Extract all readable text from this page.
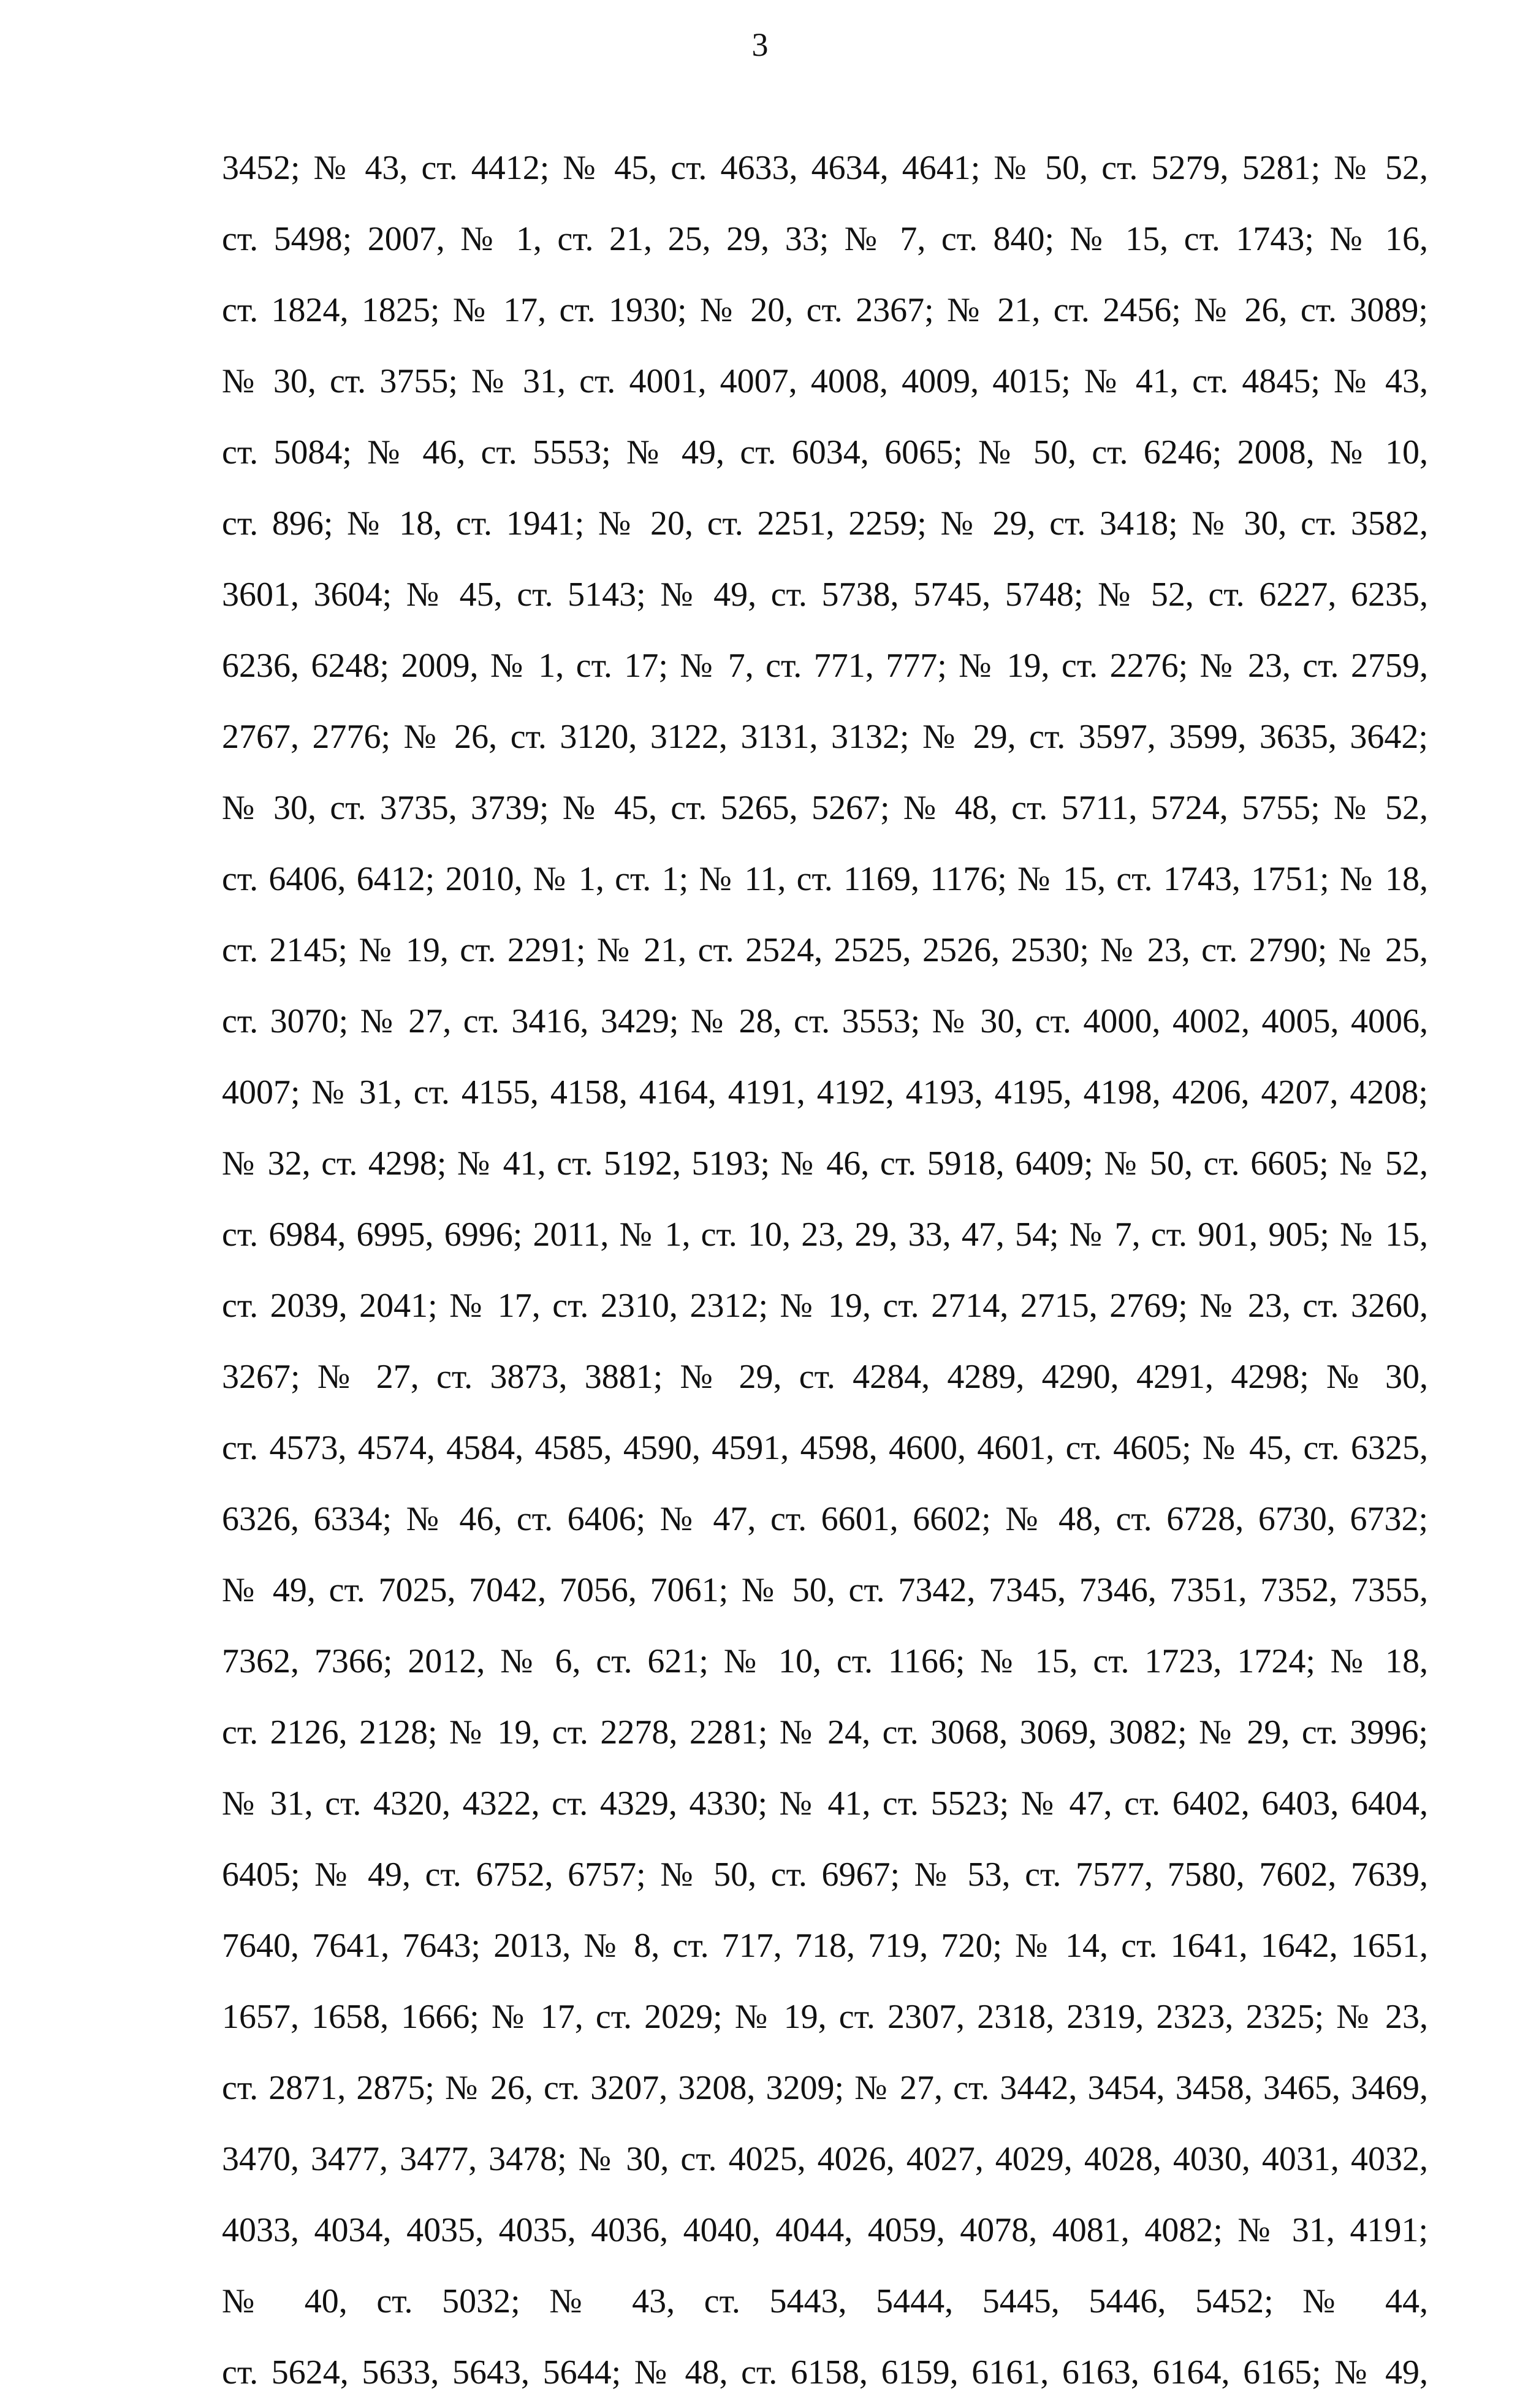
3
3452; № 43, ст. 4412; № 45, ст. 4633, 4634, 4641; № 50, ст. 5279, 5281; № 52,
ст. 5498; 2007, № 1, ст. 21, 25, 29, 33; № 7, ст. 840; № 15, ст. 1743; № 16,
ст. 1824, 1825; № 17, ст. 1930; № 20, ст. 2367; № 21, ст. 2456; № 26, ст. 3089;
№ 30, ст. 3755; № 31, ст. 4001, 4007, 4008, 4009, 4015; № 41, ст. 4845; № 43,
ст. 5084; № 46, ст. 5553; № 49, ст. 6034, 6065; № 50, ст. 6246; 2008, № 10,
ст. 896; № 18, ст. 1941; № 20, ст. 2251, 2259; № 29, ст. 3418; № 30, ст. 3582,
3601, 3604; № 45, ст. 5143; № 49, ст. 5738, 5745, 5748; № 52, ст. 6227, 6235,
6236, 6248; 2009, № 1, ст. 17; № 7, ст. 771, 777; № 19, ст. 2276; № 23, ст. 2759,
2767, 2776; № 26, ст. 3120, 3122, 3131, 3132; № 29, ст. 3597, 3599, 3635, 3642;
№ 30, ст. 3735, 3739; № 45, ст. 5265, 5267; № 48, ст. 5711, 5724, 5755; № 52,
ст. 6406, 6412; 2010, № 1, ст. 1; № 11, ст. 1169, 1176; № 15, ст. 1743, 1751; № 18,
ст. 2145; № 19, ст. 2291; № 21, ст. 2524, 2525, 2526, 2530; № 23, ст. 2790; № 25,
ст. 3070; № 27, ст. 3416, 3429; № 28, ст. 3553; № 30, ст. 4000, 4002, 4005, 4006,
4007; № 31, ст. 4155, 4158, 4164, 4191, 4192, 4193, 4195, 4198, 4206, 4207, 4208;
№ 32, ст. 4298; № 41, ст. 5192, 5193; № 46, ст. 5918, 6409; № 50, ст. 6605; № 52,
ст. 6984, 6995, 6996; 2011, № 1, ст. 10, 23, 29, 33, 47, 54; № 7, ст. 901, 905; № 15,
ст. 2039, 2041; № 17, ст. 2310, 2312; № 19, ст. 2714, 2715, 2769; № 23, ст. 3260,
3267; № 27, ст. 3873, 3881; № 29, ст. 4284, 4289, 4290, 4291, 4298; № 30,
ст. 4573, 4574, 4584, 4585, 4590, 4591, 4598, 4600, 4601, ст. 4605; № 45, ст. 6325,
6326, 6334; № 46, ст. 6406; № 47, ст. 6601, 6602; № 48, ст. 6728, 6730, 6732;
№ 49, ст. 7025, 7042, 7056, 7061; № 50, ст. 7342, 7345, 7346, 7351, 7352, 7355,
7362, 7366; 2012, № 6, ст. 621; № 10, ст. 1166; № 15, ст. 1723, 1724; № 18,
ст. 2126, 2128; № 19, ст. 2278, 2281; № 24, ст. 3068, 3069, 3082; № 29, ст. 3996;
№ 31, ст. 4320, 4322, ст. 4329, 4330; № 41, ст. 5523; № 47, ст. 6402, 6403, 6404,
6405; № 49, ст. 6752, 6757; № 50, ст. 6967; № 53, ст. 7577, 7580, 7602, 7639,
7640, 7641, 7643; 2013, № 8, ст. 717, 718, 719, 720; № 14, ст. 1641, 1642, 1651,
1657, 1658, 1666; № 17, ст. 2029; № 19, ст. 2307, 2318, 2319, 2323, 2325; № 23,
ст. 2871, 2875; № 26, ст. 3207, 3208, 3209; № 27, ст. 3442, 3454, 3458, 3465, 3469,
3470, 3477, 3477, 3478; № 30, ст. 4025, 4026, 4027, 4029, 4028, 4030, 4031, 4032,
4033, 4034, 4035, 4035, 4036, 4040, 4044, 4059, 4078, 4081, 4082; № 31, 4191;
№ 40, ст. 5032; № 43, ст. 5443, 5444, 5445, 5446, 5452; № 44,
ст. 5624, 5633, 5643, 5644; № 48, ст. 6158, 6159, 6161, 6163, 6164, 6165; № 49,
